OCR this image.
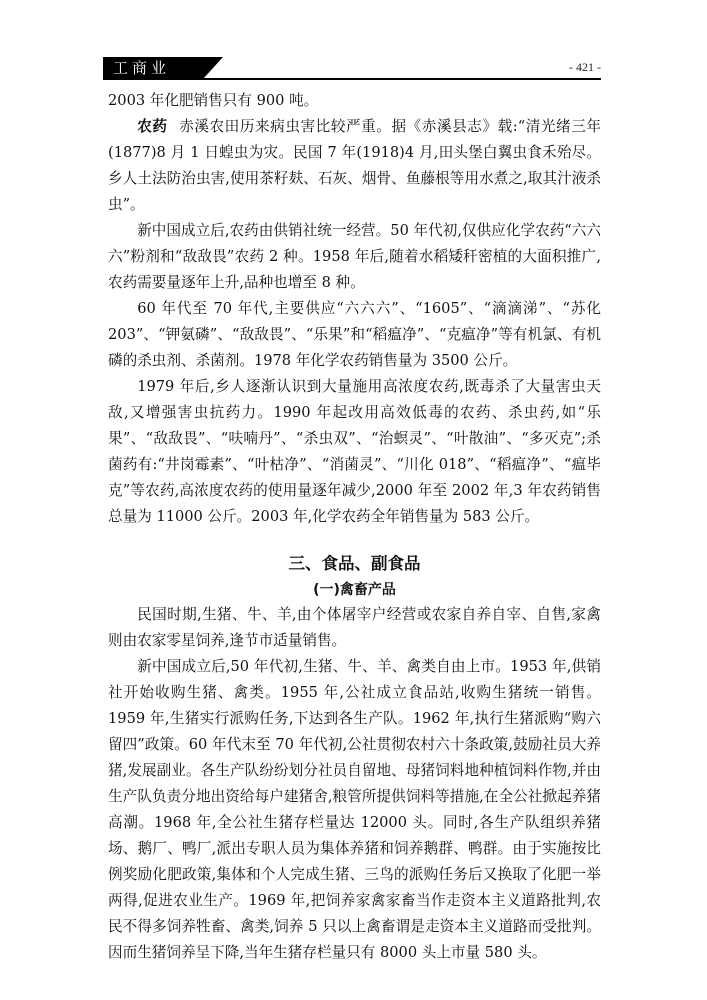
工商业	- 421 -

2003 年化肥销售只有 900 吨。

农药 赤溪农田历来病虫害比较严重。据《赤溪县志》载:“清光绪三年(1877)8 月 1 日蝗虫为灾。民国 7 年(1918)4 月,田头堡白翼虫食禾殆尽。乡人土法防治虫害,使用茶籽麸、石灰、烟骨、鱼藤根等用水煮之,取其汁液杀虫”。

新中国成立后,农药由供销社统一经营。50 年代初,仅供应化学农药“六六六”粉剂和“敌敌畏”农药 2 种。1958 年后,随着水稻矮秆密植的大面积推广,农药需要量逐年上升,品种也增至 8 种。

60 年代至 70 年代,主要供应“六六六”、“1605”、“滴滴涕”、“苏化 203”、“钾氨磷”、“敌敌畏”、“乐果”和“稻瘟净”、“克瘟净”等有机氯、有机磷的杀虫剂、杀菌剂。1978 年化学农药销售量为 3500 公斤。

1979 年后,乡人逐渐认识到大量施用高浓度农药,既毒杀了大量害虫天敌,又增强害虫抗药力。1990 年起改用高效低毒的农药、杀虫药,如“乐果”、“敌敌畏”、“呋喃丹”、“杀虫双”、“治螟灵”、“叶散油”、“多灭克”;杀菌药有:“井岗霉素”、“叶枯净”、“消菌灵”、“川化 018”、“稻瘟净”、“瘟毕克”等农药,高浓度农药的使用量逐年减少,2000 年至 2002 年,3 年农药销售总量为 11000 公斤。2003 年,化学农药全年销售量为 583 公斤。

三、食品、副食品
(一)禽畜产品

民国时期,生猪、牛、羊,由个体屠宰户经营或农家自养自宰、自售,家禽则由农家零星饲养,逢节市适量销售。

新中国成立后,50 年代初,生猪、牛、羊、禽类自由上市。1953 年,供销社开始收购生猪、禽类。1955 年,公社成立食品站,收购生猪统一销售。1959 年,生猪实行派购任务,下达到各生产队。1962 年,执行生猪派购“购六留四”政策。60 年代末至 70 年代初,公社贯彻农村六十条政策,鼓励社员大养猪,发展副业。各生产队纷纷划分社员自留地、母猪饲料地种植饲料作物,并由生产队负责分地出资给每户建猪舍,粮管所提供饲料等措施,在全公社掀起养猪高潮。1968 年,全公社生猪存栏量达 12000 头。同时,各生产队组织养猪场、鹅厂、鸭厂,派出专职人员为集体养猪和饲养鹅群、鸭群。由于实施按比例奖励化肥政策,集体和个人完成生猪、三鸟的派购任务后又换取了化肥一举两得,促进农业生产。1969 年,把饲养家禽家畜当作走资本主义道路批判,农民不得多饲养牲畜、禽类,饲养 5 只以上禽畜谓是走资本主义道路而受批判。因而生猪饲养呈下降,当年生猪存栏量只有 8000 头上市量 580 头。
